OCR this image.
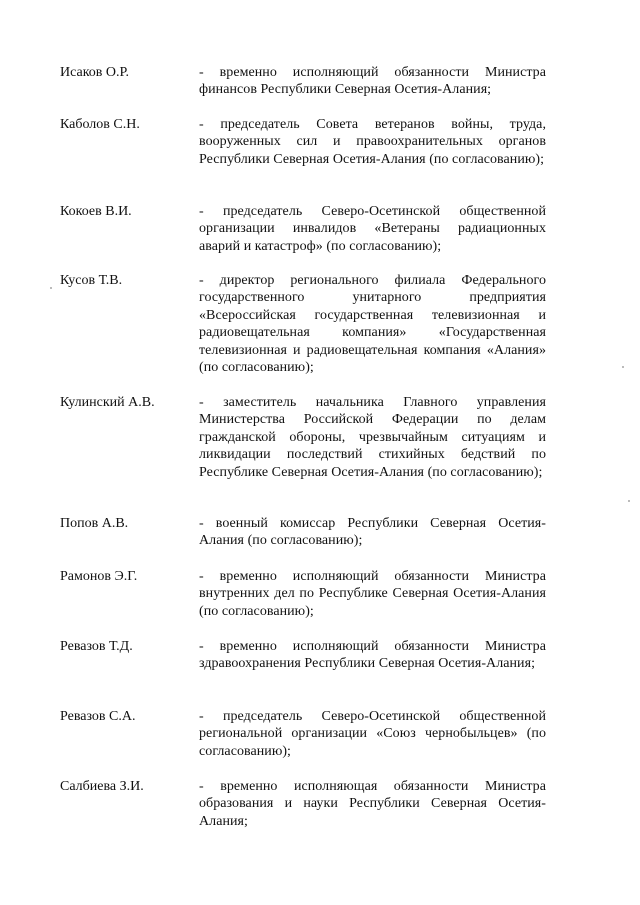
Исаков О.Р.	- временно исполняющий обязанности Министра финансов Республики Северная Осетия-Алания;
Каболов С.Н.	- председатель Совета ветеранов войны, труда, вооруженных сил и правоохранительных органов Республики Северная Осетия-Алания (по согласованию);
Кокоев В.И.	- председатель Северо-Осетинской общественной организации инвалидов «Ветераны радиационных аварий и катастроф» (по согласованию);
Кусов Т.В.	- директор регионального филиала Федерального государственного унитарного предприятия «Всероссийская государственная телевизионная и радиовещательная компания» «Государственная телевизионная и радиовещательная компания «Алания» (по согласованию);
Кулинский А.В.	- заместитель начальника Главного управления Министерства Российской Федерации по делам гражданской обороны, чрезвычайным ситуациям и ликвидации последствий стихийных бедствий по Республике Северная Осетия-Алания (по согласованию);
Попов А.В.	- военный комиссар Республики Северная Осетия-Алания (по согласованию);
Рамонов Э.Г.	- временно исполняющий обязанности Министра внутренних дел по Республике Северная Осетия-Алания (по согласованию);
Ревазов Т.Д.	- временно исполняющий обязанности Министра здравоохранения Республики Северная Осетия-Алания;
Ревазов С.А.	- председатель Северо-Осетинской общественной региональной организации «Союз чернобыльцев» (по согласованию);
Салбиева З.И.	- временно исполняющая обязанности Министра образования и науки Республики Северная Осетия-Алания;
